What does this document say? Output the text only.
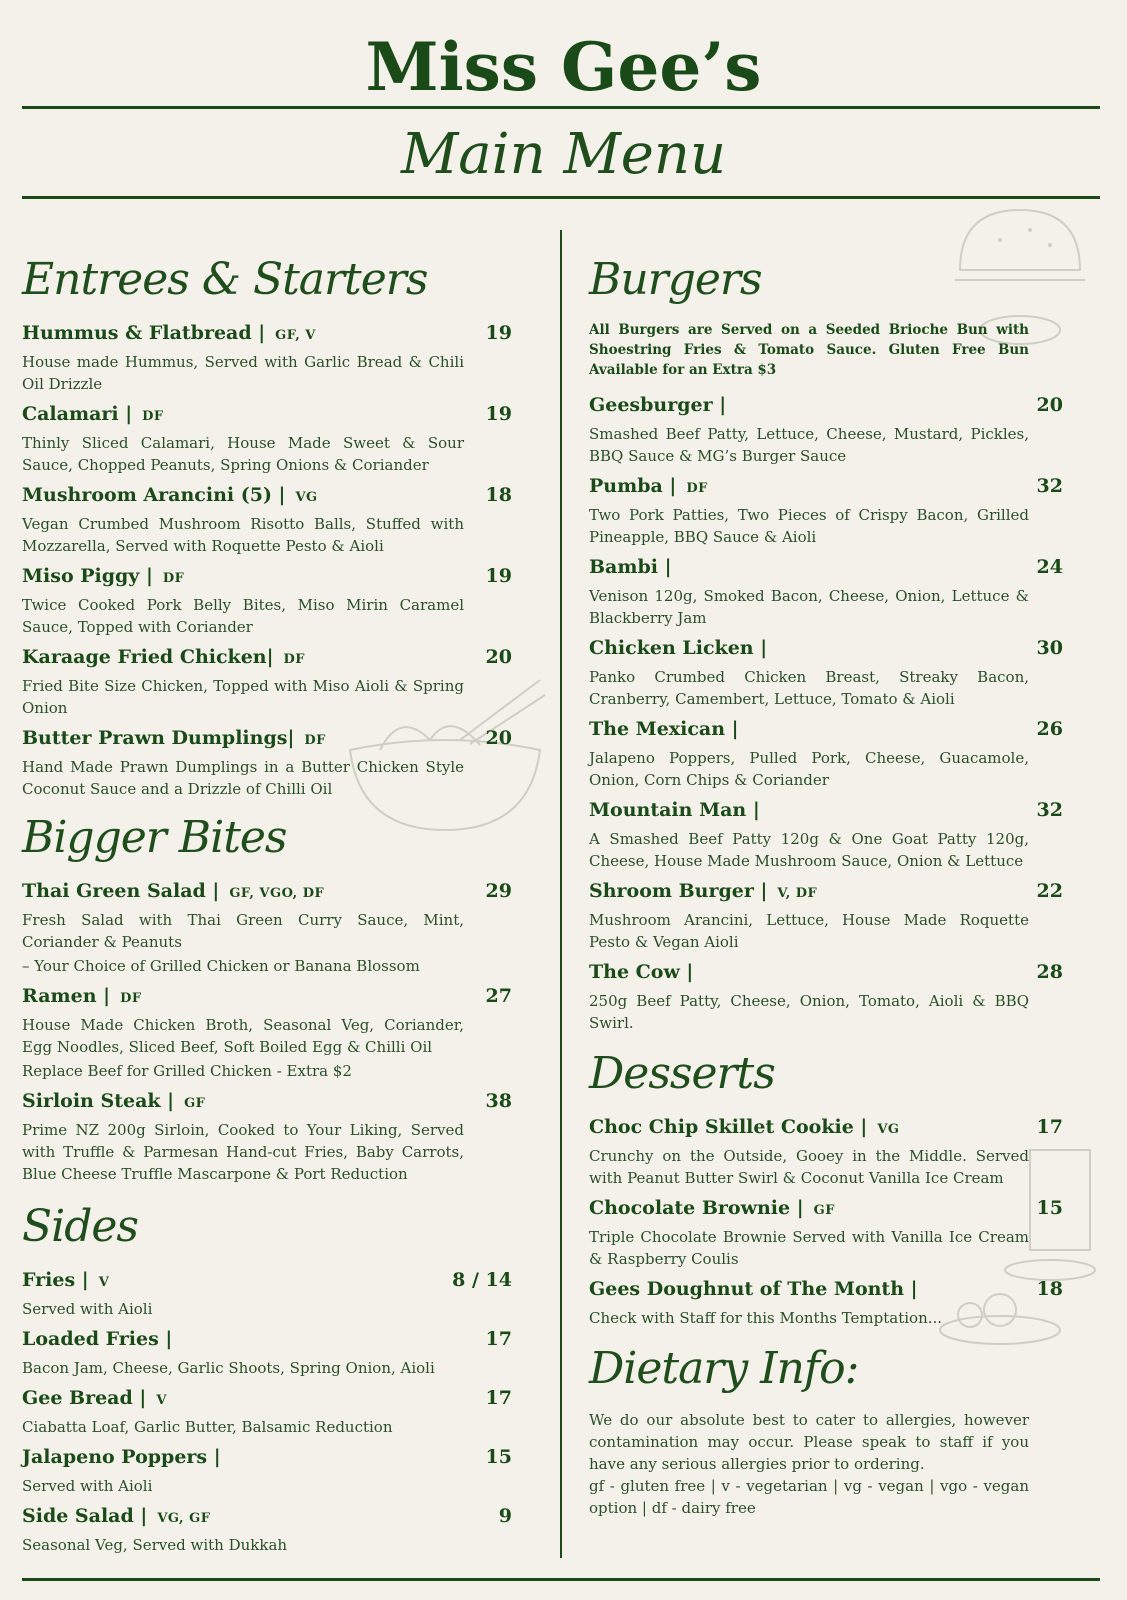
Miss Gee’s
Main Menu
Entrees & Starters
Hummus & Flatbread | GF, V	19
House made Hummus, Served with Garlic Bread & Chili Oil Drizzle
Calamari | DF	19
Thinly Sliced Calamari, House Made Sweet & Sour Sauce, Chopped Peanuts, Spring Onions & Coriander
Mushroom Arancini (5) | VG	18
Vegan Crumbed Mushroom Risotto Balls, Stuffed with Mozzarella, Served with Roquette Pesto & Aioli
Miso Piggy | DF	19
Twice Cooked Pork Belly Bites, Miso Mirin Caramel Sauce, Topped with Coriander
Karaage Fried Chicken| DF	20
Fried Bite Size Chicken, Topped with Miso Aioli & Spring Onion
Butter Prawn Dumplings| DF	20
Hand Made Prawn Dumplings in a Butter Chicken Style Coconut Sauce and a Drizzle of Chilli Oil
Bigger Bites
Thai Green Salad | GF, VGO, DF	29
Fresh Salad with Thai Green Curry Sauce, Mint, Coriander & Peanuts
– Your Choice of Grilled Chicken or Banana Blossom
Ramen | DF	27
House Made Chicken Broth, Seasonal Veg, Coriander, Egg Noodles, Sliced Beef, Soft Boiled Egg & Chilli Oil
Replace Beef for Grilled Chicken - Extra $2
Sirloin Steak | GF	38
Prime NZ 200g Sirloin, Cooked to Your Liking, Served with Truffle & Parmesan Hand-cut Fries, Baby Carrots, Blue Cheese Truffle Mascarpone & Port Reduction
Sides
Fries | V	8 / 14
Served with Aioli
Loaded Fries |	17
Bacon Jam, Cheese, Garlic Shoots, Spring Onion, Aioli
Gee Bread | V	17
Ciabatta Loaf, Garlic Butter, Balsamic Reduction
Jalapeno Poppers |	15
Served with Aioli
Side Salad | VG, GF	9
Seasonal Veg, Served with Dukkah
Burgers
All Burgers are Served on a Seeded Brioche Bun with Shoestring Fries & Tomato Sauce. Gluten Free Bun Available for an Extra $3
Geesburger |	20
Smashed Beef Patty, Lettuce, Cheese, Mustard, Pickles, BBQ Sauce & MG’s Burger Sauce
Pumba | DF	32
Two Pork Patties, Two Pieces of Crispy Bacon, Grilled Pineapple, BBQ Sauce & Aioli
Bambi |	24
Venison 120g, Smoked Bacon, Cheese, Onion, Lettuce & Blackberry Jam
Chicken Licken |	30
Panko Crumbed Chicken Breast, Streaky Bacon, Cranberry, Camembert, Lettuce, Tomato & Aioli
The Mexican |	26
Jalapeno Poppers, Pulled Pork, Cheese, Guacamole, Onion, Corn Chips & Coriander
Mountain Man |	32
A Smashed Beef Patty 120g & One Goat Patty 120g, Cheese, House Made Mushroom Sauce, Onion & Lettuce
Shroom Burger | V, DF	22
Mushroom Arancini, Lettuce, House Made Roquette Pesto & Vegan Aioli
The Cow |	28
250g Beef Patty, Cheese, Onion, Tomato, Aioli & BBQ Swirl.
Desserts
Choc Chip Skillet Cookie | VG	17
Crunchy on the Outside, Gooey in the Middle. Served with Peanut Butter Swirl & Coconut Vanilla Ice Cream
Chocolate Brownie | GF	15
Triple Chocolate Brownie Served with Vanilla Ice Cream & Raspberry Coulis
Gees Doughnut of The Month |	18
Check with Staff for this Months Temptation...
Dietary Info:
We do our absolute best to cater to allergies, however contamination may occur. Please speak to staff if you have any serious allergies prior to ordering.
gf - gluten free | v - vegetarian | vg - vegan | vgo - vegan option | df - dairy free
